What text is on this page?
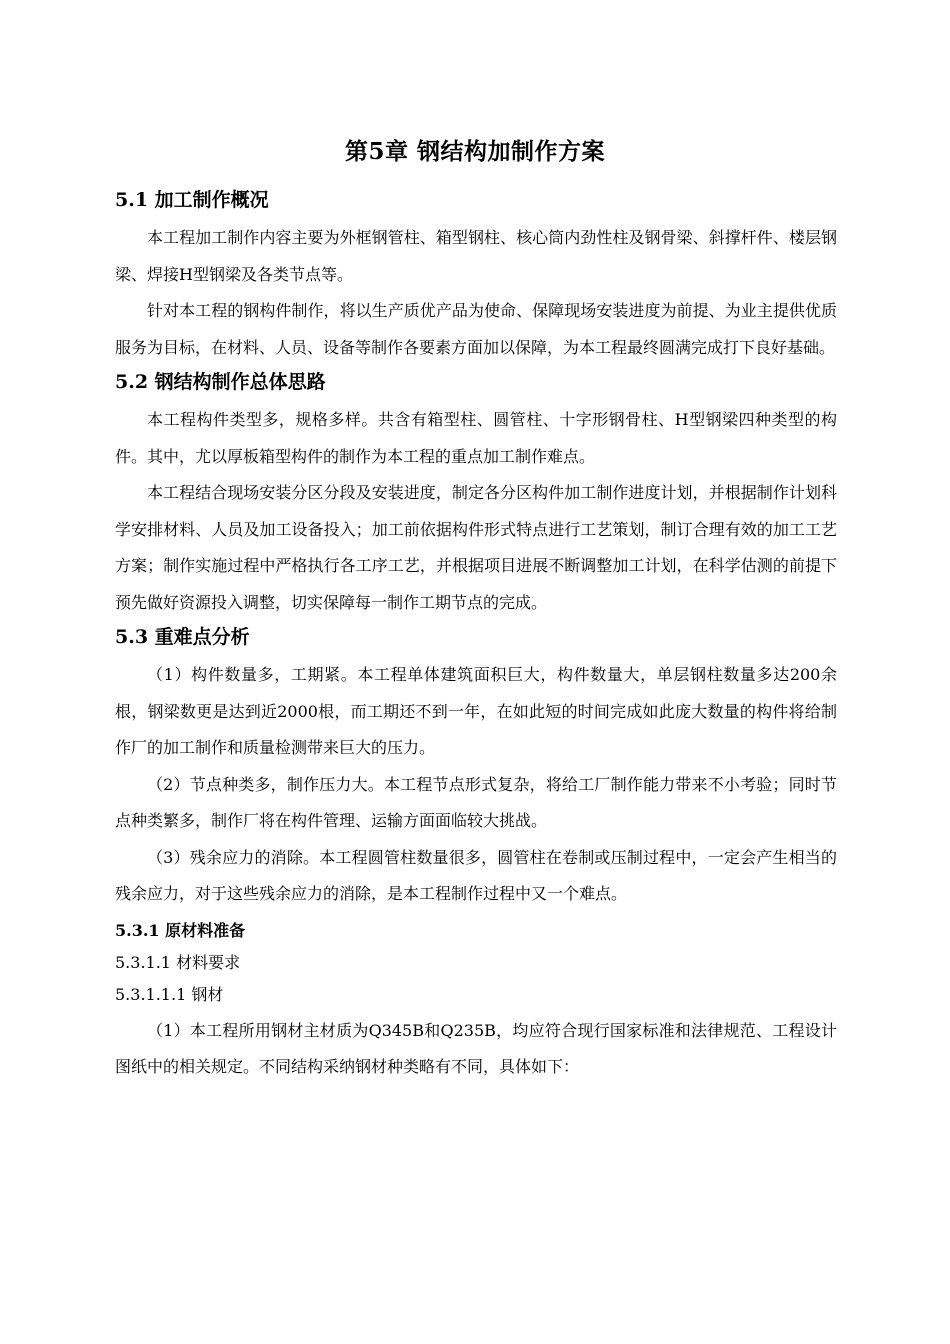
第5章 钢结构加制作方案
5.1 加工制作概况

本工程加工制作内容主要为外框钢管柱、箱型钢柱、核心筒内劲性柱及钢骨梁、斜撑杆件、楼层钢梁、焊接H型钢梁及各类节点等。

针对本工程的钢构件制作，将以生产质优产品为使命、保障现场安装进度为前提、为业主提供优质服务为目标，在材料、人员、设备等制作各要素方面加以保障，为本工程最终圆满完成打下良好基础。

5.2 钢结构制作总体思路

本工程构件类型多，规格多样。共含有箱型柱、圆管柱、十字形钢骨柱、H型钢梁四种类型的构件。其中，尤以厚板箱型构件的制作为本工程的重点加工制作难点。

本工程结合现场安装分区分段及安装进度，制定各分区构件加工制作进度计划，并根据制作计划科学安排材料、人员及加工设备投入；加工前依据构件形式特点进行工艺策划，制订合理有效的加工工艺方案；制作实施过程中严格执行各工序工艺，并根据项目进展不断调整加工计划，在科学估测的前提下预先做好资源投入调整，切实保障每一制作工期节点的完成。

5.3 重难点分析

（1）构件数量多，工期紧。本工程单体建筑面积巨大，构件数量大，单层钢柱数量多达200余根，钢梁数更是达到近2000根，而工期还不到一年，在如此短的时间完成如此庞大数量的构件将给制作厂的加工制作和质量检测带来巨大的压力。

（2）节点种类多，制作压力大。本工程节点形式复杂，将给工厂制作能力带来不小考验；同时节点种类繁多，制作厂将在构件管理、运输方面面临较大挑战。

（3）残余应力的消除。本工程圆管柱数量很多，圆管柱在卷制或压制过程中，一定会产生相当的残余应力，对于这些残余应力的消除，是本工程制作过程中又一个难点。

5.3.1 原材料准备
5.3.1.1 材料要求
5.3.1.1.1 钢材

（1）本工程所用钢材主材质为Q345B和Q235B，均应符合现行国家标准和法律规范、工程设计图纸中的相关规定。不同结构采纳钢材种类略有不同，具体如下：
